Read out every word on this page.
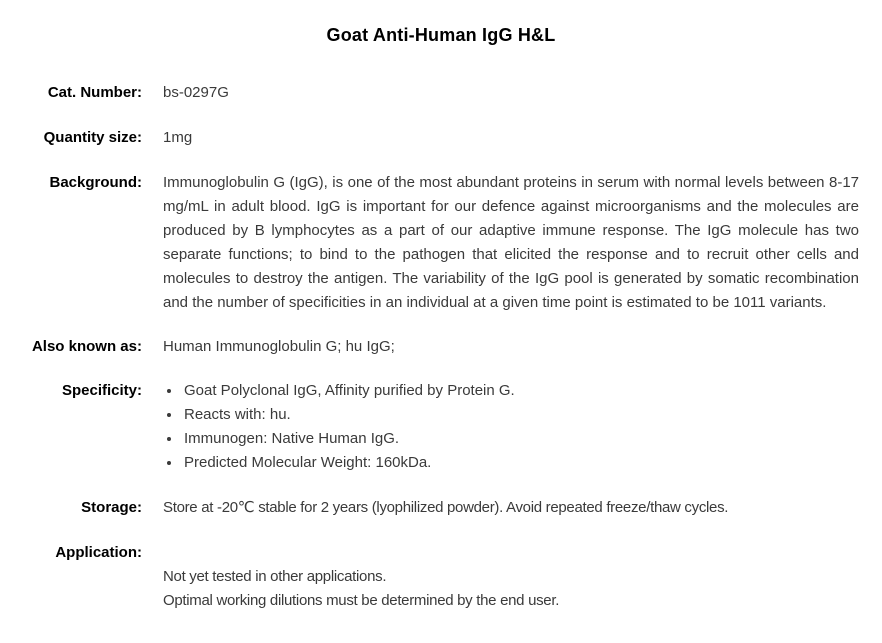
Goat Anti-Human IgG H&L
Cat. Number: bs-0297G
Quantity size: 1mg
Background: Immunoglobulin G (IgG), is one of the most abundant proteins in serum with normal levels between 8-17 mg/mL in adult blood. IgG is important for our defence against microorganisms and the molecules are produced by B lymphocytes as a part of our adaptive immune response. The IgG molecule has two separate functions; to bind to the pathogen that elicited the response and to recruit other cells and molecules to destroy the antigen. The variability of the IgG pool is generated by somatic recombination and the number of specificities in an individual at a given time point is estimated to be 1011 variants.
Also known as: Human Immunoglobulin G; hu IgG;
Specificity:	• Goat Polyclonal IgG, Affinity purified by Protein G.
• Reacts with: hu.
• Immunogen: Native Human IgG.
• Predicted Molecular Weight: 160kDa.
Storage: Store at -20℃ stable for 2 years (lyophilized powder). Avoid repeated freeze/thaw cycles.
Application:
Not yet tested in other applications.
Optimal working dilutions must be determined by the end user.
